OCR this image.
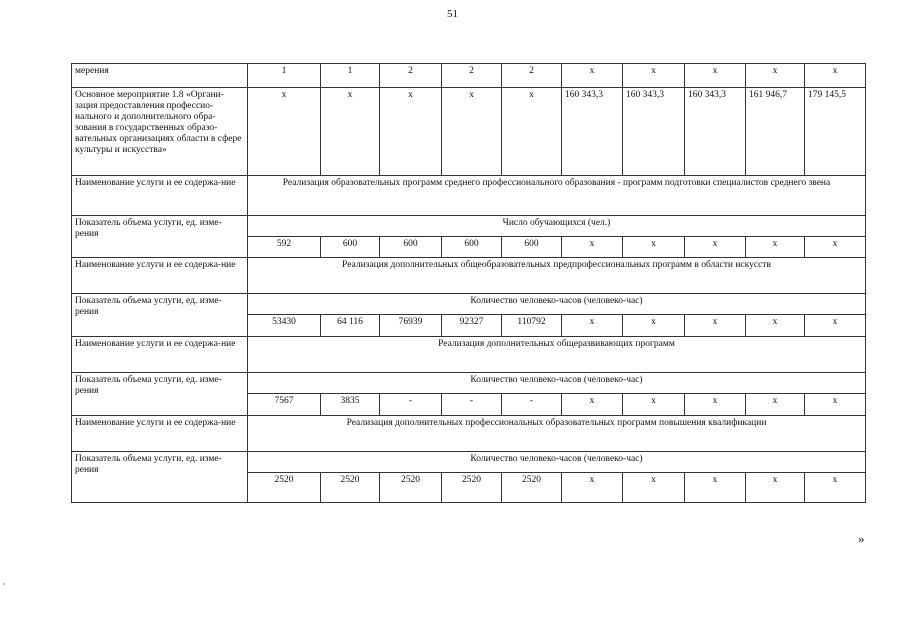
51
мерения	1	1	2	2	2	x	x	x	x	x
Основное мероприятие 1.8 «Органи-зация предоставления профессио-нального и дополнительного обра-зования в государственных образо-вательных организациях области в сфере культуры и искусства»	x	x	x	x	x	160 343,3	160 343,3	160 343,3	161 946,7	179 145,5
Наименование услуги и ее содержа-ние	Реализация образовательных программ среднего профессионального образования - программ подготовки специалистов среднего звена									
Показатель объема услуги, ед. изме-рения	Число обучающихся (чел.)									
	592	600	600	600	600	x	x	x	x	x
Наименование услуги и ее содержа-ние	Реализация дополнительных общеобразовательных предпрофессиональных программ в области искусств									
Показатель объема услуги, ед. изме-рения	Количество человеко-часов (человеко-час)									
	53430	64 116	76939	92327	110792	x	x	x	x	x
Наименование услуги и ее содержа-ние	Реализация дополнительных общеразвивающих программ									
Показатель объема услуги, ед. изме-рения	Количество человеко-часов (человеко-час)									
	7567	3835	-	-	-	x	x	x	x	x
Наименование услуги и ее содержа-ние	Реализация дополнительных профессиональных образовательных программ повышения квалификации									
Показатель объема услуги, ед. изме-рения	Количество человеко-часов (человеко-час)									
	2520	2520	2520	2520	2520	x	x	x	x	x
»
